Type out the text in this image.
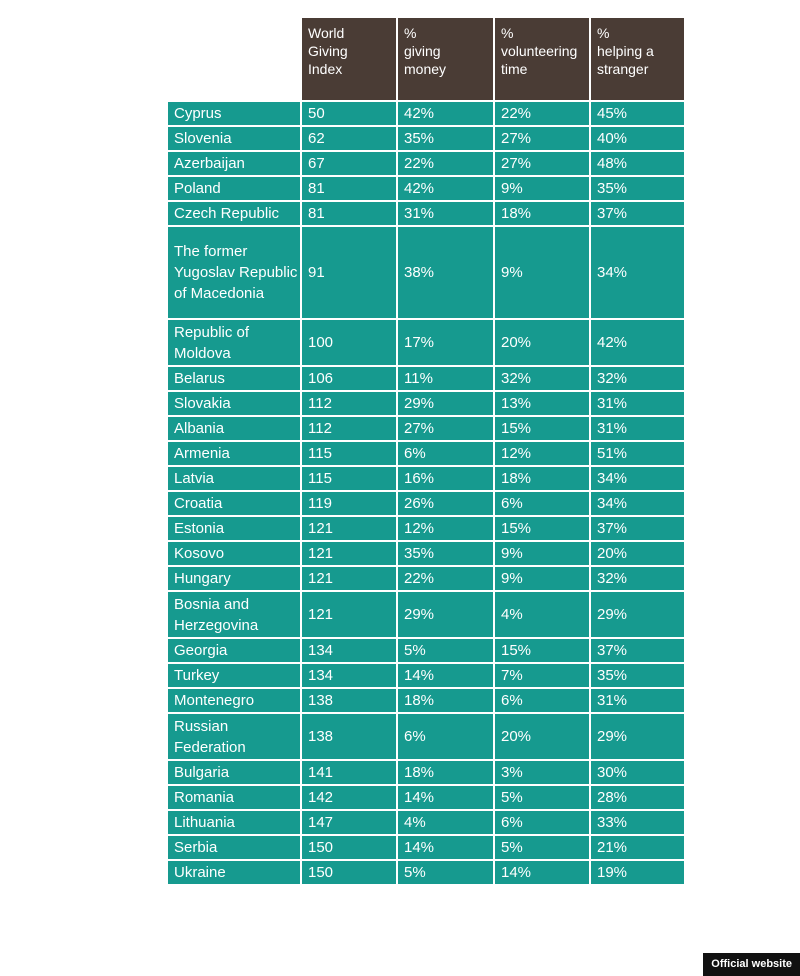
	World
Giving
Index	%
giving
money	%
volunteering
time	%
helping a
stranger
Cyprus	50	42%	22%	45%
Slovenia	62	35%	27%	40%
Azerbaijan	67	22%	27%	48%
Poland	81	42%	9%	35%
Czech Republic	81	31%	18%	37%
The former Yugoslav Republic of Macedonia	91	38%	9%	34%
Republic of Moldova	100	17%	20%	42%
Belarus	106	11%	32%	32%
Slovakia	112	29%	13%	31%
Albania	112	27%	15%	31%
Armenia	115	6%	12%	51%
Latvia	115	16%	18%	34%
Croatia	119	26%	6%	34%
Estonia	121	12%	15%	37%
Kosovo	121	35%	9%	20%
Hungary	121	22%	9%	32%
Bosnia and Herzegovina	121	29%	4%	29%
Georgia	134	5%	15%	37%
Turkey	134	14%	7%	35%
Montenegro	138	18%	6%	31%
Russian Federation	138	6%	20%	29%
Bulgaria	141	18%	3%	30%
Romania	142	14%	5%	28%
Lithuania	147	4%	6%	33%
Serbia	150	14%	5%	21%
Ukraine	150	5%	14%	19%
Official website
